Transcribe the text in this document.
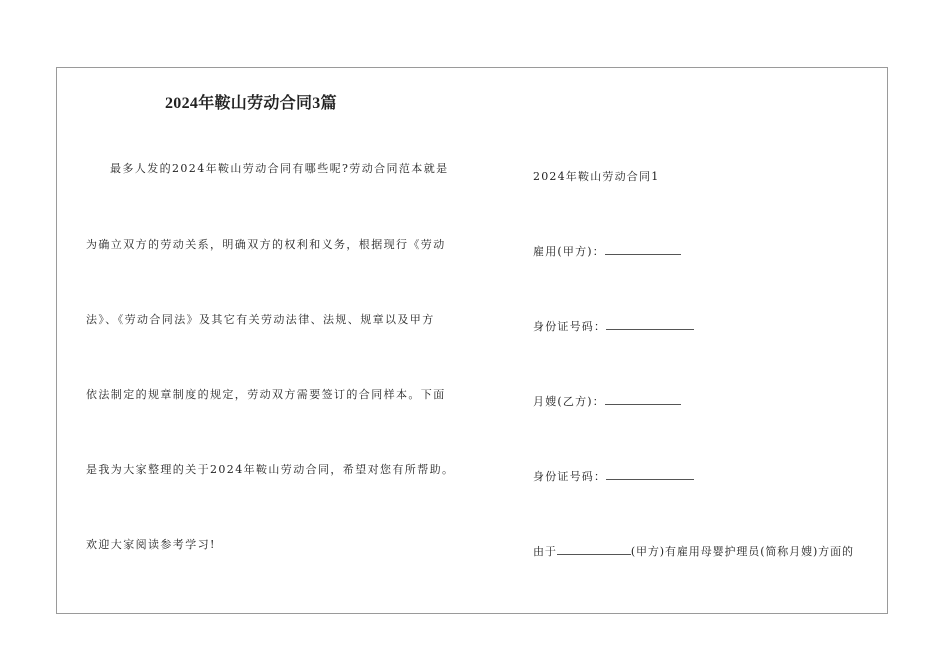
2024年鞍山劳动合同3篇
最多人发的2024年鞍山劳动合同有哪些呢?劳动合同范本就是
为确立双方的劳动关系，明确双方的权利和义务，根据现行《劳动
法》、《劳动合同法》及其它有关劳动法律、法规、规章以及甲方
依法制定的规章制度的规定，劳动双方需要签订的合同样本。下面
是我为大家整理的关于2024年鞍山劳动合同，希望对您有所帮助。
欢迎大家阅读参考学习!
2024年鞍山劳动合同1
雇用(甲方)：
身份证号码：
月嫂(乙方)：
身份证号码：
由于	(甲方)有雇用母婴护理员(简称月嫂)方面的
